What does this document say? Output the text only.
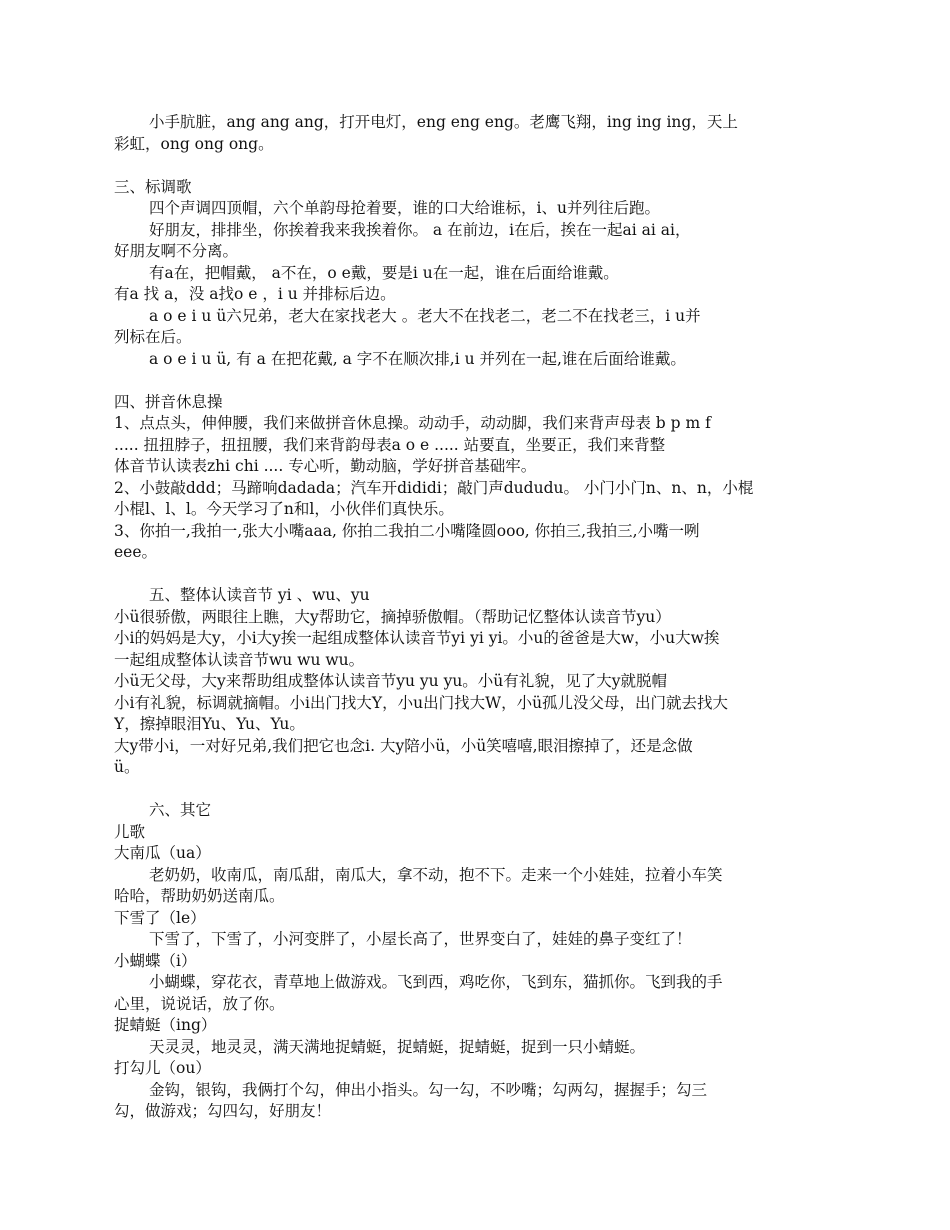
小手肮脏，ang ang ang，打开电灯，eng eng eng。老鹰飞翔，ing ing ing，天上
彩虹，ong ong ong。
三、标调歌
四个声调四顶帽，六个单韵母抢着要，谁的口大给谁标，i、u并列往后跑。
好朋友，排排坐，你挨着我来我挨着你。 a 在前边，i在后，挨在一起ai ai ai，
好朋友啊不分离。
有a在，把帽戴， a不在，o e戴，要是i u在一起，谁在后面给谁戴。
有a 找 a，没 a找o e ，i u 并排标后边。
a o e i u ü六兄弟，老大在家找老大 。老大不在找老二，老二不在找老三，i u并
列标在后。
a o e i u ü, 有 a 在把花戴, a 字不在顺次排,i u 并列在一起,谁在后面给谁戴。
四、拼音休息操
1、点点头，伸伸腰，我们来做拼音休息操。动动手，动动脚，我们来背声母表 b p m f
..... 扭扭脖子，扭扭腰，我们来背韵母表a o e ..... 站要直，坐要正，我们来背整
体音节认读表zhi chi .... 专心听，勤动脑，学好拼音基础牢。
2、小鼓敲ddd；马蹄响dadada；汽车开dididi；敲门声dududu。 小门小门n、n、n，小棍
小棍l、l、l。今天学习了n和l，小伙伴们真快乐。
3、你拍一,我拍一,张大小嘴aaa, 你拍二我拍二小嘴隆圆ooo, 你拍三,我拍三,小嘴一咧
eee。
五、整体认读音节 yi 、wu、yu
小ü很骄傲，两眼往上瞧，大y帮助它，摘掉骄傲帽。（帮助记忆整体认读音节yu）
小i的妈妈是大y，小i大y挨一起组成整体认读音节yi yi yi。小u的爸爸是大w，小u大w挨
一起组成整体认读音节wu wu wu。
小ü无父母，大y来帮助组成整体认读音节yu yu yu。小ü有礼貌，见了大y就脱帽
小i有礼貌，标调就摘帽。小i出门找大Y，小u出门找大W，小ü孤儿没父母，出门就去找大
Y，擦掉眼泪Yu、Yu、Yu。
大y带小i，一对好兄弟,我们把它也念i. 大y陪小ü，小ü笑嘻嘻,眼泪擦掉了，还是念做
ü。
六、其它
儿歌
大南瓜（ua）
老奶奶，收南瓜，南瓜甜，南瓜大，拿不动，抱不下。走来一个小娃娃，拉着小车笑
哈哈，帮助奶奶送南瓜。
下雪了（le）
下雪了，下雪了，小河变胖了，小屋长高了，世界变白了，娃娃的鼻子变红了！
小蝴蝶（i）
小蝴蝶，穿花衣，青草地上做游戏。飞到西，鸡吃你，飞到东，猫抓你。飞到我的手
心里，说说话，放了你。
捉蜻蜓（ing）
天灵灵，地灵灵，满天满地捉蜻蜓，捉蜻蜓，捉蜻蜓，捉到一只小蜻蜓。
打勾儿（ou）
金钩，银钩，我俩打个勾，伸出小指头。勾一勾，不吵嘴；勾两勾，握握手；勾三
勾，做游戏；勾四勾，好朋友！
